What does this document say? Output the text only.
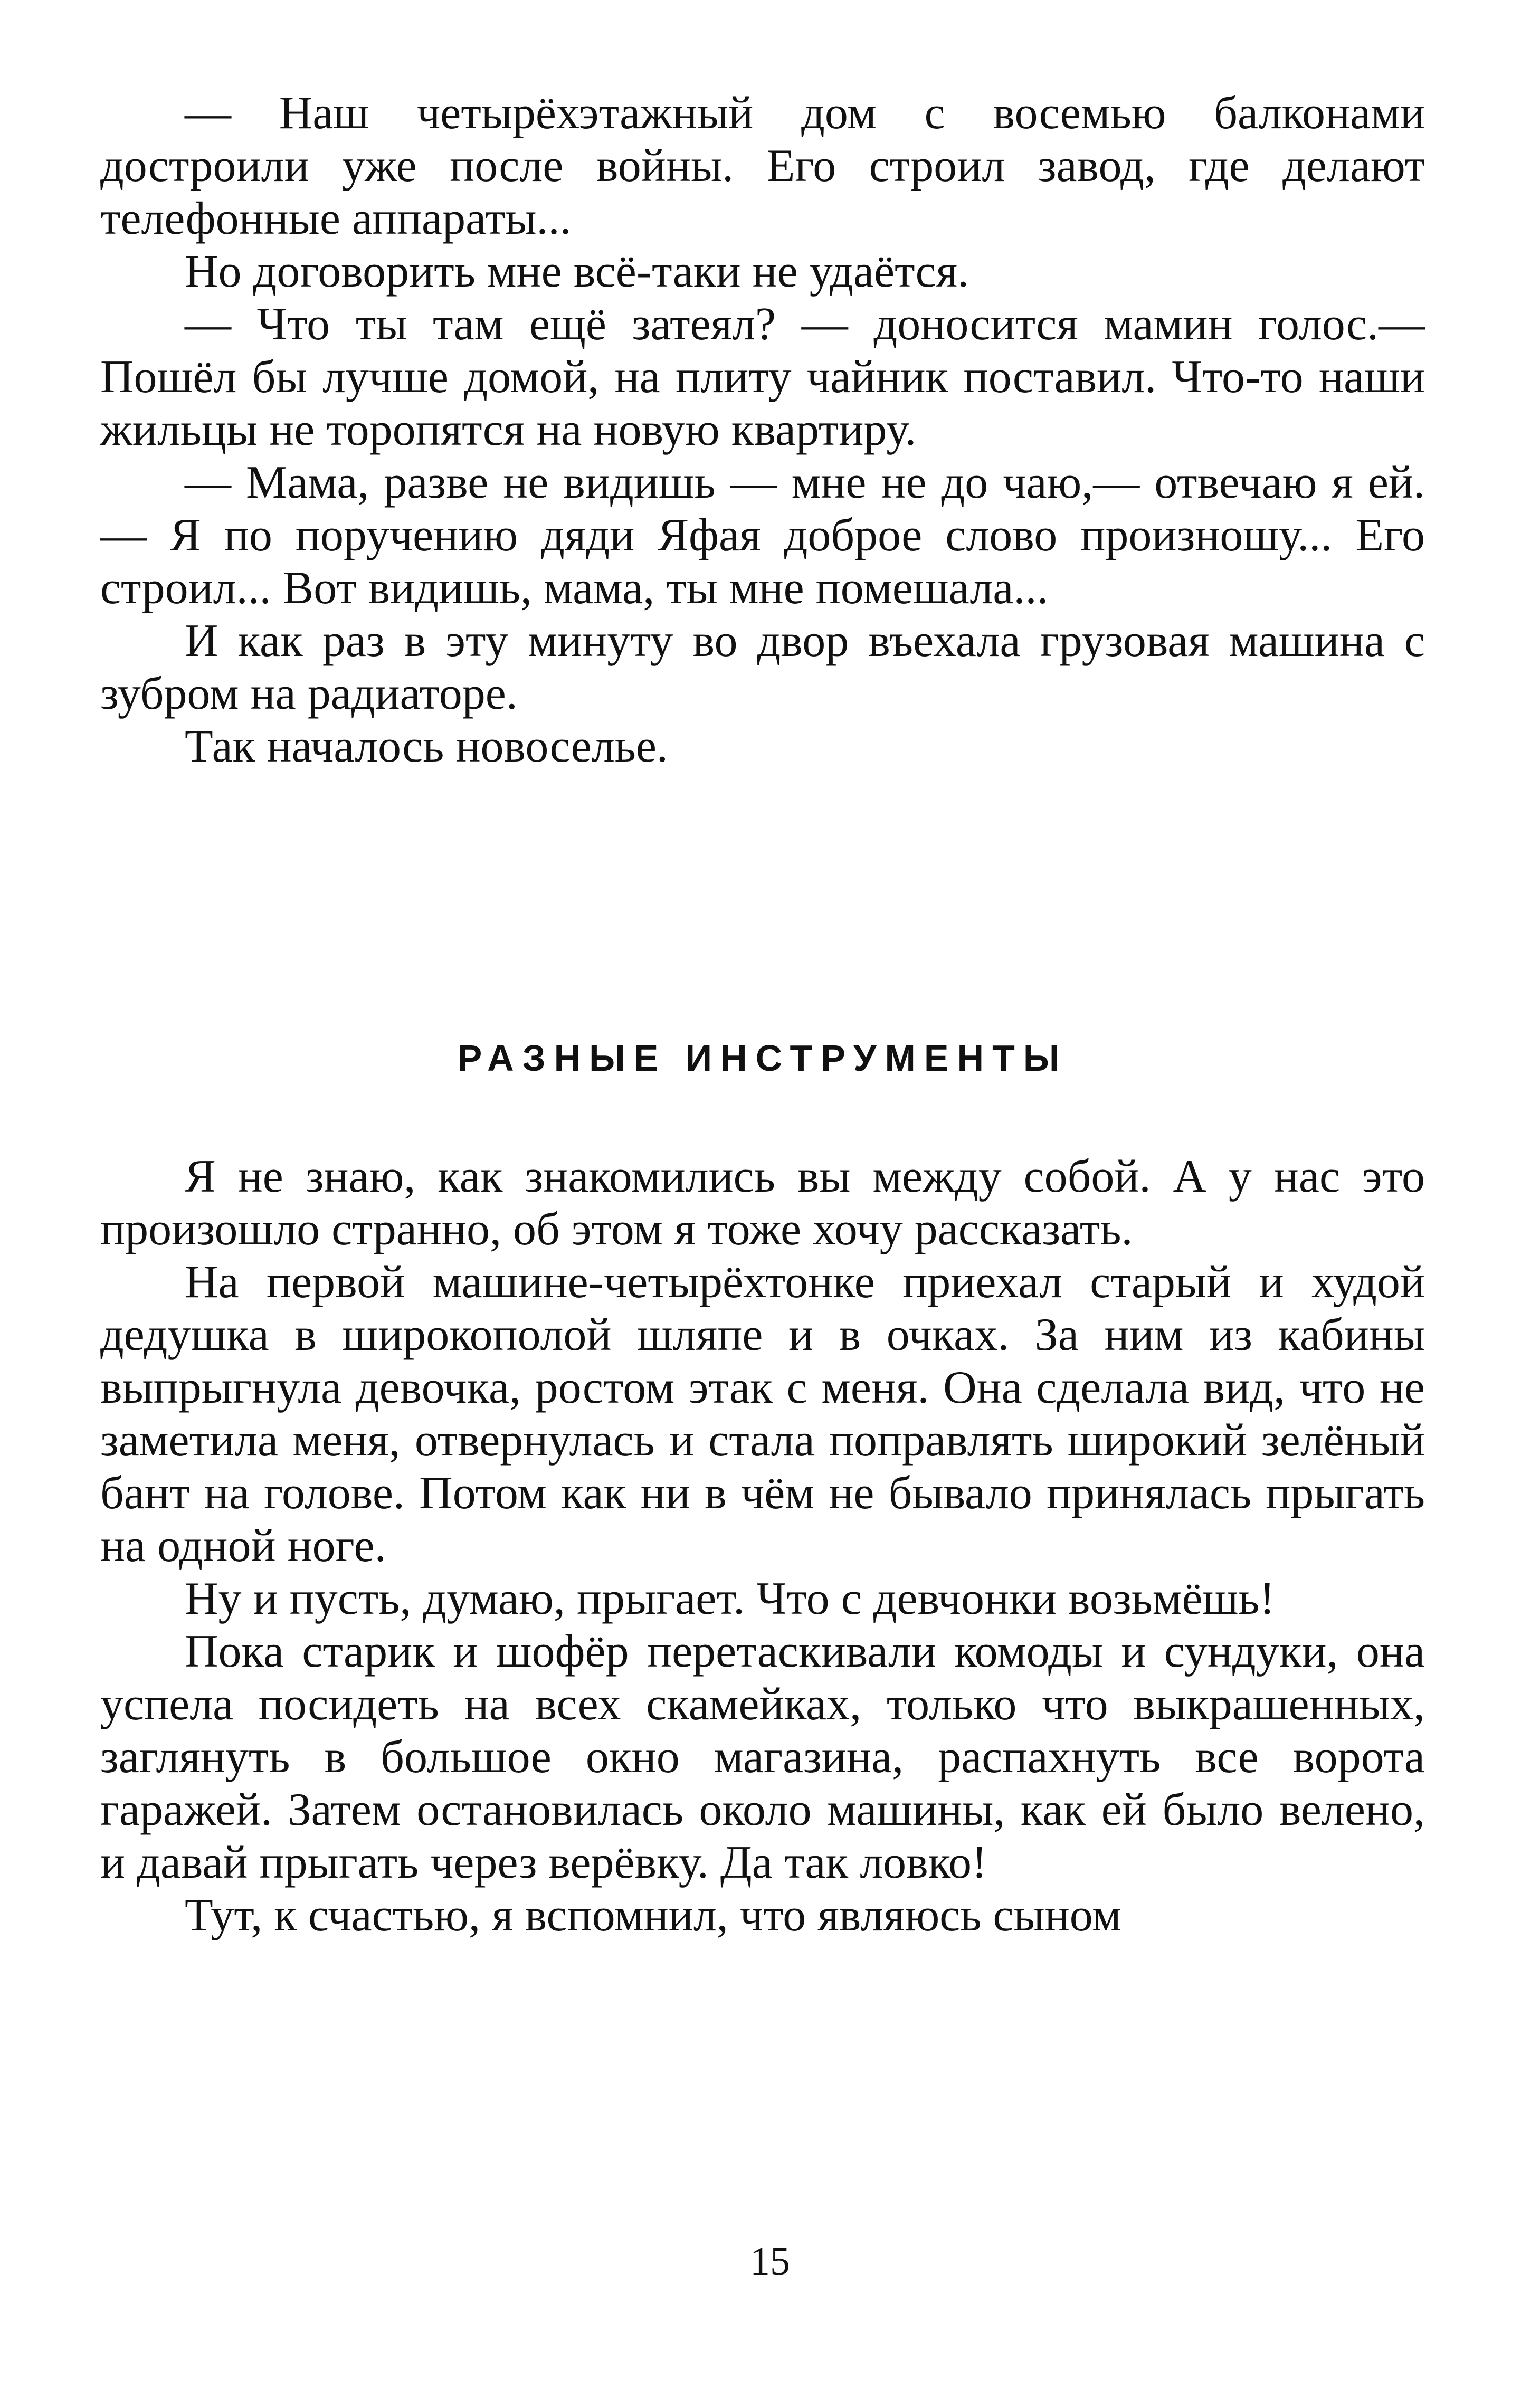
— Наш четырёхэтажный дом с восемью балконами достроили уже после войны. Его строил завод, где делают телефонные аппараты...

Но договорить мне всё-таки не удаётся.

— Что ты там ещё затеял? — доносится мамин голос.— Пошёл бы лучше домой, на плиту чайник поставил. Что-то наши жильцы не торопятся на новую квартиру.

— Мама, разве не видишь — мне не до чаю,— отвечаю я ей.— Я по поручению дяди Яфая доброе слово произношу... Его строил... Вот видишь, мама, ты мне помешала...

И как раз в эту минуту во двор въехала грузовая машина с зубром на радиаторе.

Так началось новоселье.

РАЗНЫЕ ИНСТРУМЕНТЫ

Я не знаю, как знакомились вы между собой. А у нас это произошло странно, об этом я тоже хочу рассказать.

На первой машине-четырёхтонке приехал старый и худой дедушка в широкополой шляпе и в очках. За ним из кабины выпрыгнула девочка, ростом этак с меня. Она сделала вид, что не заметила меня, отвернулась и стала поправлять широкий зелёный бант на голове. Потом как ни в чём не бывало принялась прыгать на одной ноге.

Ну и пусть, думаю, прыгает. Что с девчонки возьмёшь!

Пока старик и шофёр перетаскивали комоды и сундуки, она успела посидеть на всех скамейках, только что выкрашенных, заглянуть в большое окно магазина, распахнуть все ворота гаражей. Затем остановилась около машины, как ей было велено, и давай прыгать через верёвку. Да так ловко!

Тут, к счастью, я вспомнил, что являюсь сыном

15
